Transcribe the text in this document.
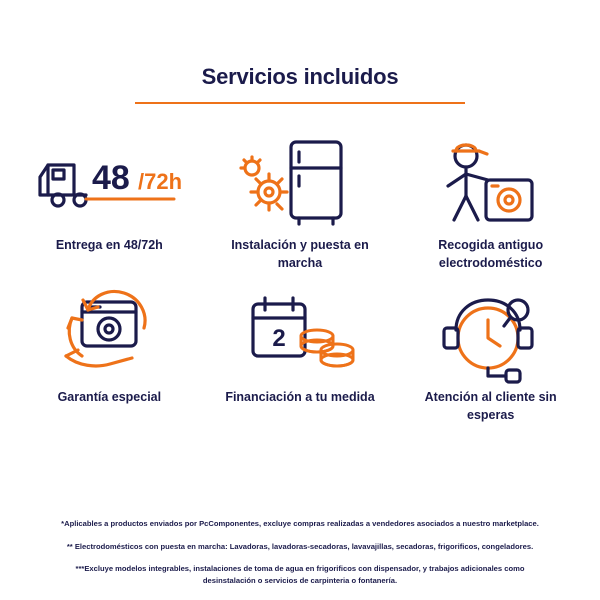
Servicios incluidos
48 /72h
Entrega en 48/72h	Instalación y puesta en marcha
Recogida antiguo electrodoméstico
Garantía especial
2
Financiación a tu medida	Atención al cliente sin esperas

*Aplicables a productos enviados por PcComponentes, excluye compras realizadas a vendedores asociados a nuestro marketplace.

** Electrodomésticos con puesta en marcha: Lavadoras, lavadoras-secadoras, lavavajillas, secadoras, frigorificos, congeladores.

***Excluye modelos integrables, instalaciones de toma de agua en frigorificos con dispensador, y trabajos adicionales como desinstalación o servicios de carpinteria o fontanería.
